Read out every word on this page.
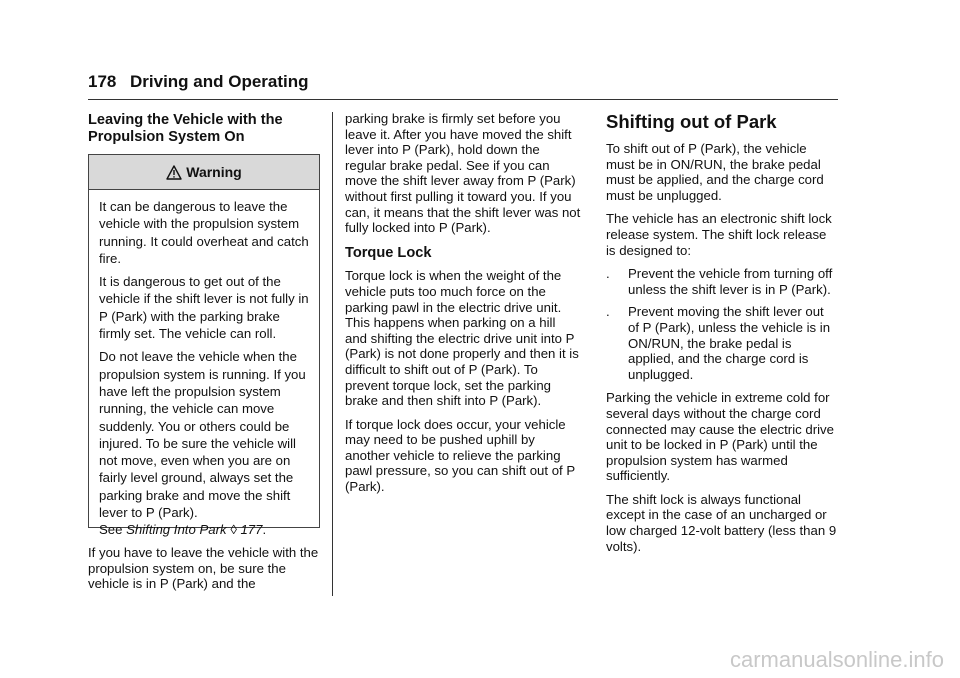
178 Driving and Operating
Leaving the Vehicle with the Propulsion System On
Warning

It can be dangerous to leave the vehicle with the propulsion system running. It could overheat and catch fire.

It is dangerous to get out of the vehicle if the shift lever is not fully in P (Park) with the parking brake firmly set. The vehicle can roll.

Do not leave the vehicle when the propulsion system is running. If you have left the propulsion system running, the vehicle can move suddenly. You or others could be injured. To be sure the vehicle will not move, even when you are on fairly level ground, always set the parking brake and move the shift lever to P (Park).
See Shifting Into Park ◊ 177.

If you have to leave the vehicle with the propulsion system on, be sure the vehicle is in P (Park) and the

parking brake is firmly set before you leave it. After you have moved the shift lever into P (Park), hold down the regular brake pedal. See if you can move the shift lever away from P (Park) without first pulling it toward you. If you can, it means that the shift lever was not fully locked into P (Park).

Torque Lock

Torque lock is when the weight of the vehicle puts too much force on the parking pawl in the electric drive unit. This happens when parking on a hill and shifting the electric drive unit into P (Park) is not done properly and then it is difficult to shift out of P (Park). To prevent torque lock, set the parking brake and then shift into P (Park).

If torque lock does occur, your vehicle may need to be pushed uphill by another vehicle to relieve the parking pawl pressure, so you can shift out of P (Park).

Shifting out of Park

To shift out of P (Park), the vehicle must be in ON/RUN, the brake pedal must be applied, and the charge cord must be unplugged.

The vehicle has an electronic shift lock release system. The shift lock release is designed to:

. Prevent the vehicle from turning off unless the shift lever is in P (Park).
. Prevent moving the shift lever out of P (Park), unless the vehicle is in ON/RUN, the brake pedal is applied, and the charge cord is unplugged.

Parking the vehicle in extreme cold for several days without the charge cord connected may cause the electric drive unit to be locked in P (Park) until the propulsion system has warmed sufficiently.

The shift lock is always functional except in the case of an uncharged or low charged 12-volt battery (less than 9 volts).

carmanualsonline.info
